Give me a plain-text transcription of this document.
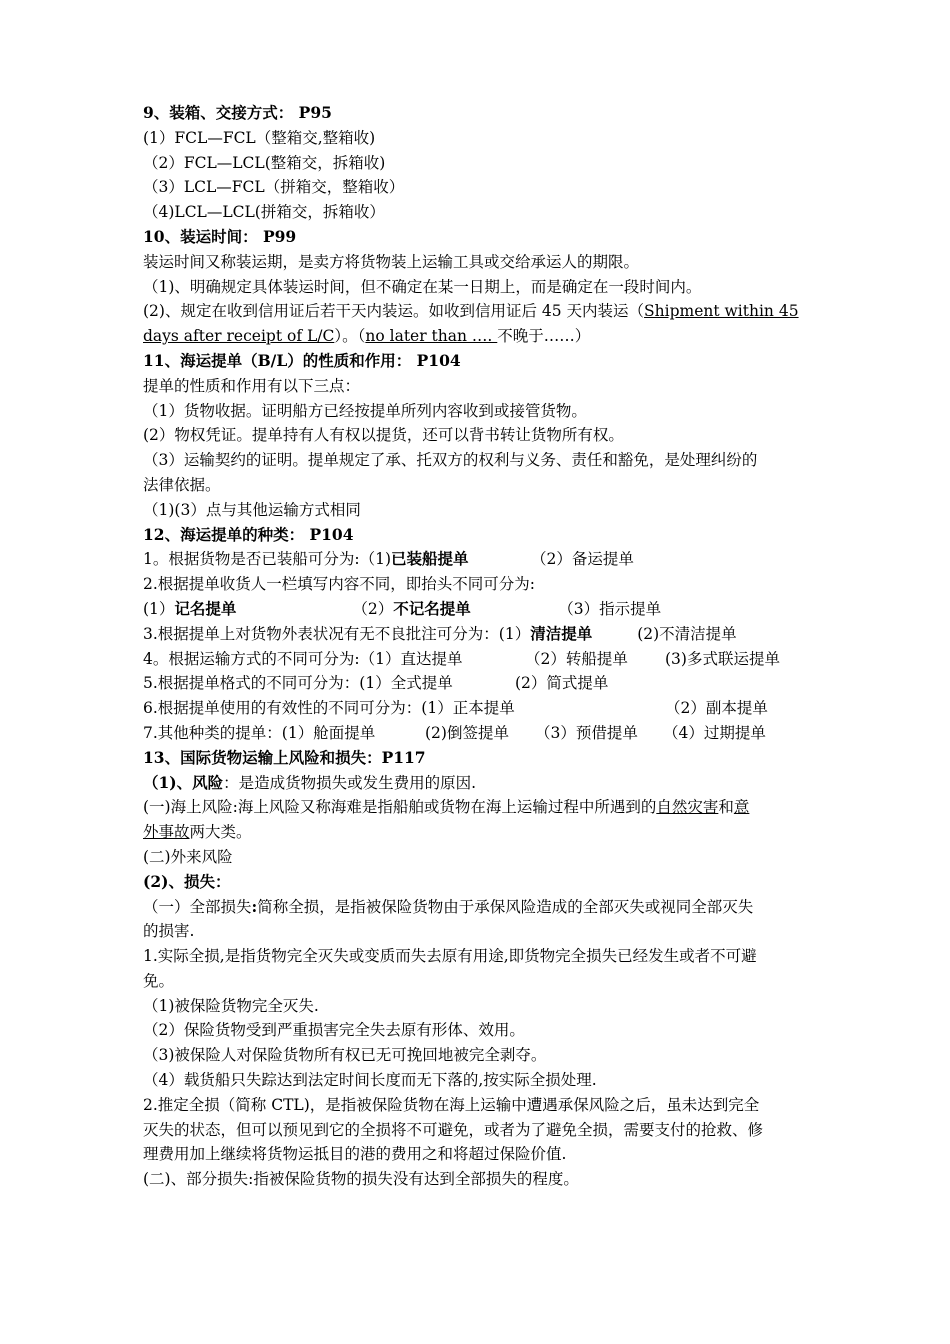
9、装箱、交接方式： P95
(1）FCL—FCL（整箱交,整箱收)
（2）FCL—LCL(整箱交，拆箱收)
（3）LCL—FCL（拼箱交，整箱收）
（4)LCL—LCL(拼箱交，拆箱收）
10、装运时间： P99
装运时间又称装运期，是卖方将货物装上运输工具或交给承运人的期限。
（1)、明确规定具体装运时间，但不确定在某一日期上，而是确定在一段时间内。
(2)、规定在收到信用证后若干天内装运。如收到信用证后 45 天内装运（Shipment within 45
days after receipt of L/C）。（no later than …. 不晚于……）
11、海运提单（B/L）的性质和作用： P104
提单的性质和作用有以下三点：
（1）货物收据。证明船方已经按提单所列内容收到或接管货物。
(2）物权凭证。提单持有人有权以提货，还可以背书转让货物所有权。
（3）运输契约的证明。提单规定了承、托双方的权利与义务、责任和豁免，是处理纠纷的
法律依据。
（1)(3）点与其他运输方式相同
12、海运提单的种类： P104
1。根据货物是否已装船可分为:（1)已装船提单	（2）备运提单
2.根据提单收货人一栏填写内容不同，即抬头不同可分为:
(1）记名提单	（2）不记名提单	（3）指示提单
3.根据提单上对货物外表状况有无不良批注可分为：(1）清洁提单	(2)不清洁提单
4。根据运输方式的不同可分为:（1）直达提单	（2）转船提单 (3)多式联运提单
5.根据提单格式的不同可分为：(1）全式提单	(2）简式提单
6.根据提单使用的有效性的不同可分为：(1）正本提单	（2）副本提单
7.其他种类的提单：(1）舱面提单	(2)倒签提单 （3）预借提单 （4）过期提单
13、国际货物运输上风险和损失：P117
（1)、风险：是造成货物损失或发生费用的原因.
(一)海上风险:海上风险又称海难是指船舶或货物在海上运输过程中所遇到的自然灾害和意
外事故两大类。
(二)外来风险
(2)、损失：
（一）全部损失:简称全损，是指被保险货物由于承保风险造成的全部灭失或视同全部灭失
的损害.
1.实际全损,是指货物完全灭失或变质而失去原有用途,即货物完全损失已经发生或者不可避
免。
（1)被保险货物完全灭失.
（2）保险货物受到严重损害完全失去原有形体、效用。
（3)被保险人对保险货物所有权已无可挽回地被完全剥夺。
（4）载货船只失踪达到法定时间长度而无下落的,按实际全损处理.
2.推定全损（简称 CTL)，是指被保险货物在海上运输中遭遇承保风险之后，虽未达到完全
灭失的状态，但可以预见到它的全损将不可避免，或者为了避免全损，需要支付的抢救、修
理费用加上继续将货物运抵目的港的费用之和将超过保险价值.
(二)、部分损失:指被保险货物的损失没有达到全部损失的程度。
